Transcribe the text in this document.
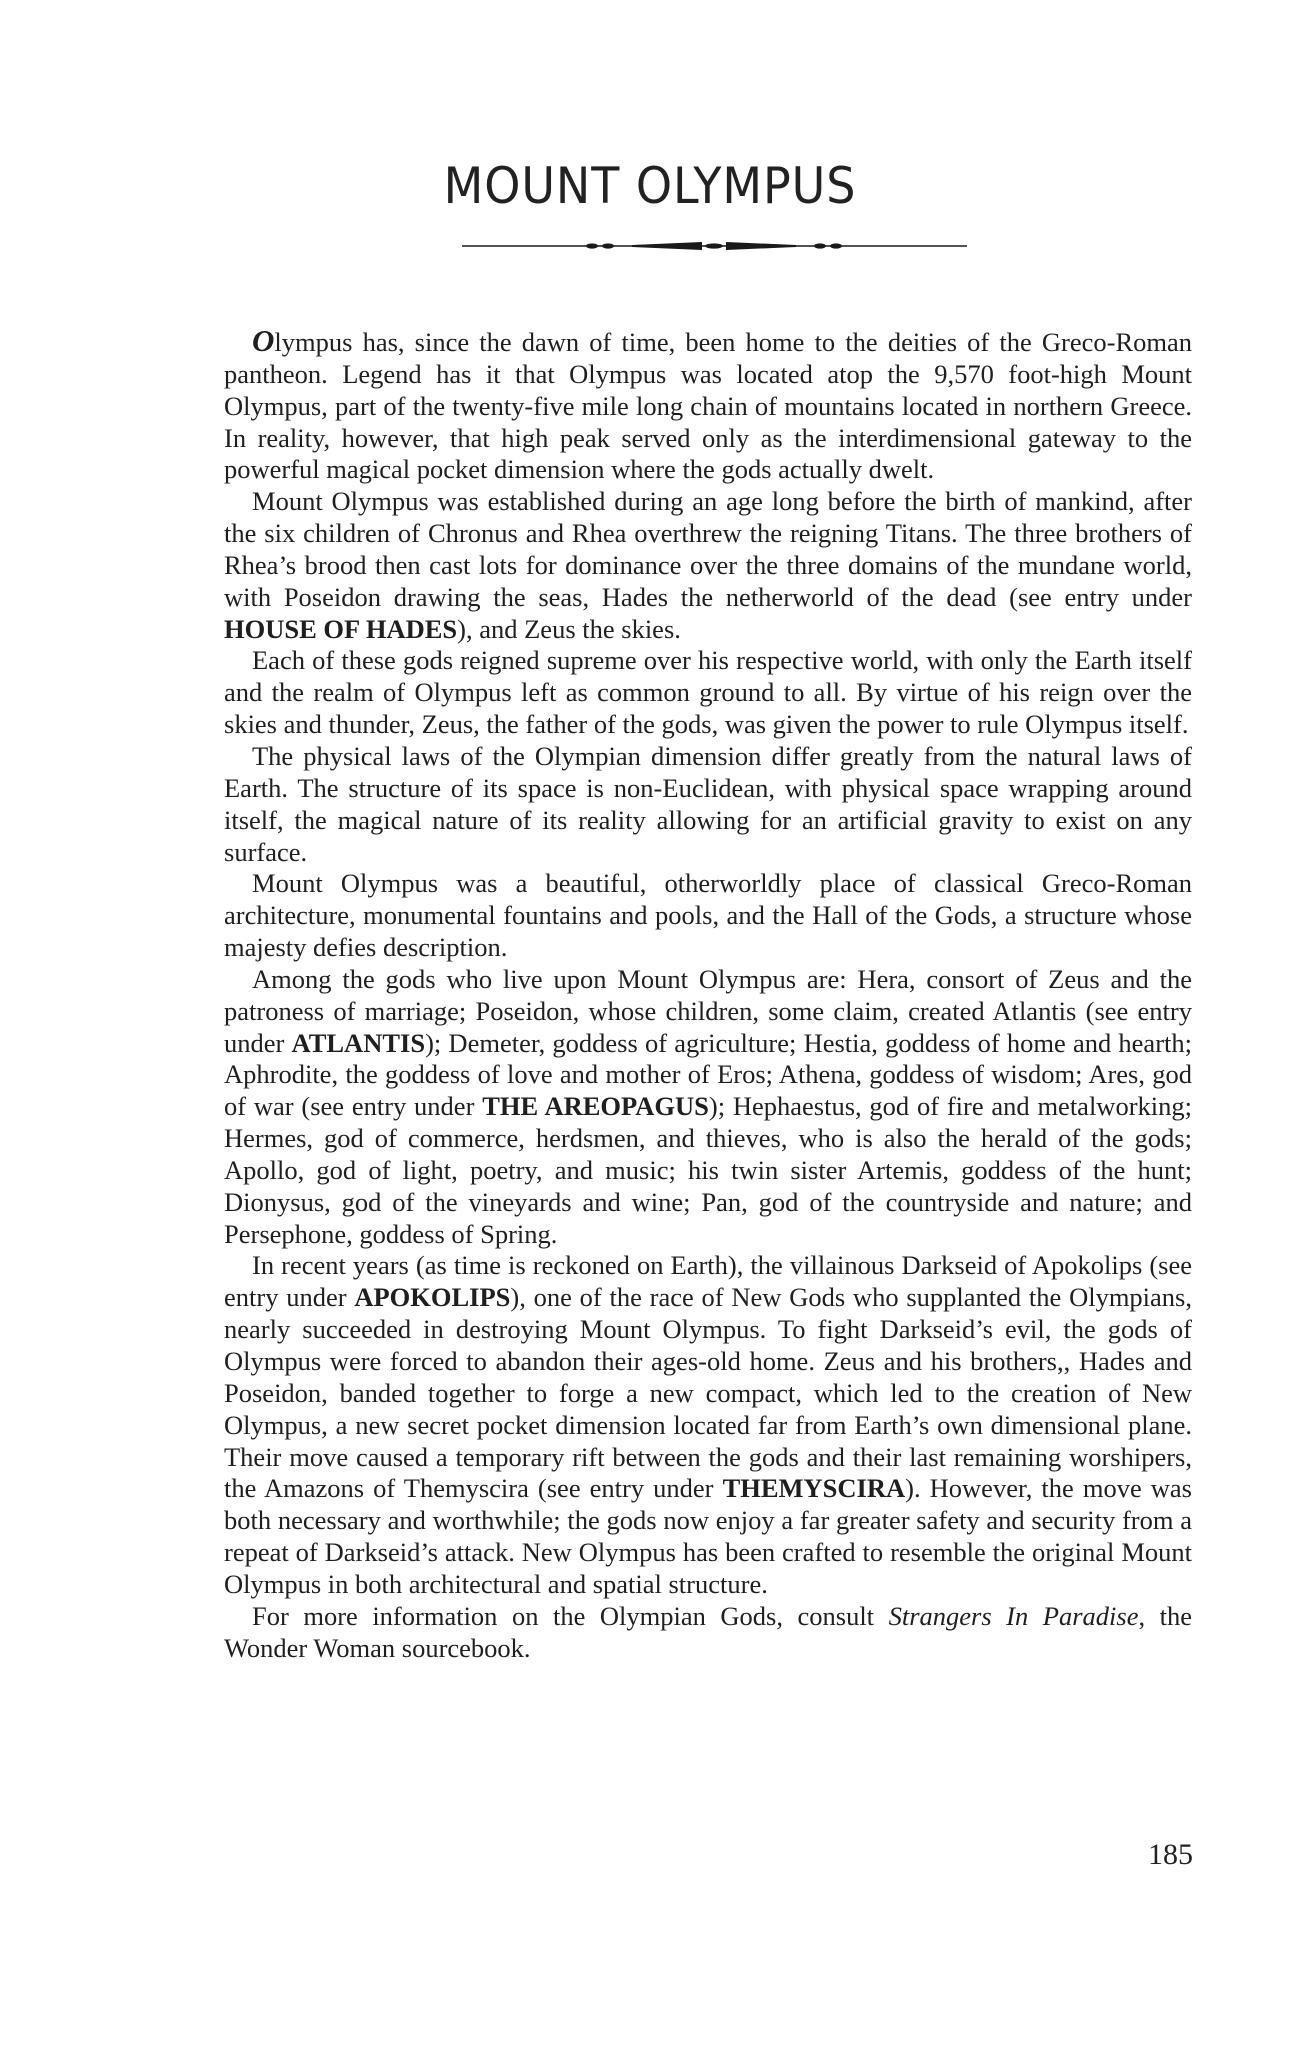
MOUNT OLYMPUS

Olympus has, since the dawn of time, been home to the deities of the Greco-Roman pantheon. Legend has it that Olympus was located atop the 9,570 foot-high Mount Olympus, part of the twenty-five mile long chain of mountains located in northern Greece. In reality, however, that high peak served only as the interdimensional gateway to the powerful magical pocket dimension where the gods actually dwelt.

Mount Olympus was established during an age long before the birth of mankind, after the six children of Chronus and Rhea overthrew the reigning Titans. The three brothers of Rhea’s brood then cast lots for dominance over the three domains of the mundane world, with Poseidon drawing the seas, Hades the netherworld of the dead (see entry under HOUSE OF HADES), and Zeus the skies.

Each of these gods reigned supreme over his respective world, with only the Earth itself and the realm of Olympus left as common ground to all. By virtue of his reign over the skies and thunder, Zeus, the father of the gods, was given the power to rule Olympus itself.

The physical laws of the Olympian dimension differ greatly from the natural laws of Earth. The structure of its space is non-Euclidean, with physical space wrapping around itself, the magical nature of its reality allowing for an artificial gravity to exist on any surface.

Mount Olympus was a beautiful, otherworldly place of classical Greco-Roman architecture, monumental fountains and pools, and the Hall of the Gods, a structure whose majesty defies description.

Among the gods who live upon Mount Olympus are: Hera, consort of Zeus and the patroness of marriage; Poseidon, whose children, some claim, created Atlantis (see entry under ATLANTIS); Demeter, goddess of agriculture; Hestia, goddess of home and hearth; Aphrodite, the goddess of love and mother of Eros; Athena, goddess of wisdom; Ares, god of war (see entry under THE AREOPAGUS); Hephaestus, god of fire and metalworking; Hermes, god of commerce, herdsmen, and thieves, who is also the herald of the gods; Apollo, god of light, poetry, and music; his twin sister Artemis, goddess of the hunt; Dionysus, god of the vineyards and wine; Pan, god of the countryside and nature; and Persephone, goddess of Spring.

In recent years (as time is reckoned on Earth), the villainous Darkseid of Apokolips (see entry under APOKOLIPS), one of the race of New Gods who supplanted the Olympians, nearly succeeded in destroying Mount Olympus. To fight Darkseid’s evil, the gods of Olympus were forced to abandon their ages-old home. Zeus and his brothers,, Hades and Poseidon, banded together to forge a new compact, which led to the creation of New Olympus, a new secret pocket dimension located far from Earth’s own dimensional plane. Their move caused a temporary rift between the gods and their last remaining worshipers, the Amazons of Themyscira (see entry under THEMYSCIRA). However, the move was both necessary and worthwhile; the gods now enjoy a far greater safety and security from a repeat of Darkseid’s attack. New Olympus has been crafted to resemble the original Mount Olympus in both architectural and spatial structure.

For more information on the Olympian Gods, consult Strangers In Paradise, the Wonder Woman sourcebook.

185
